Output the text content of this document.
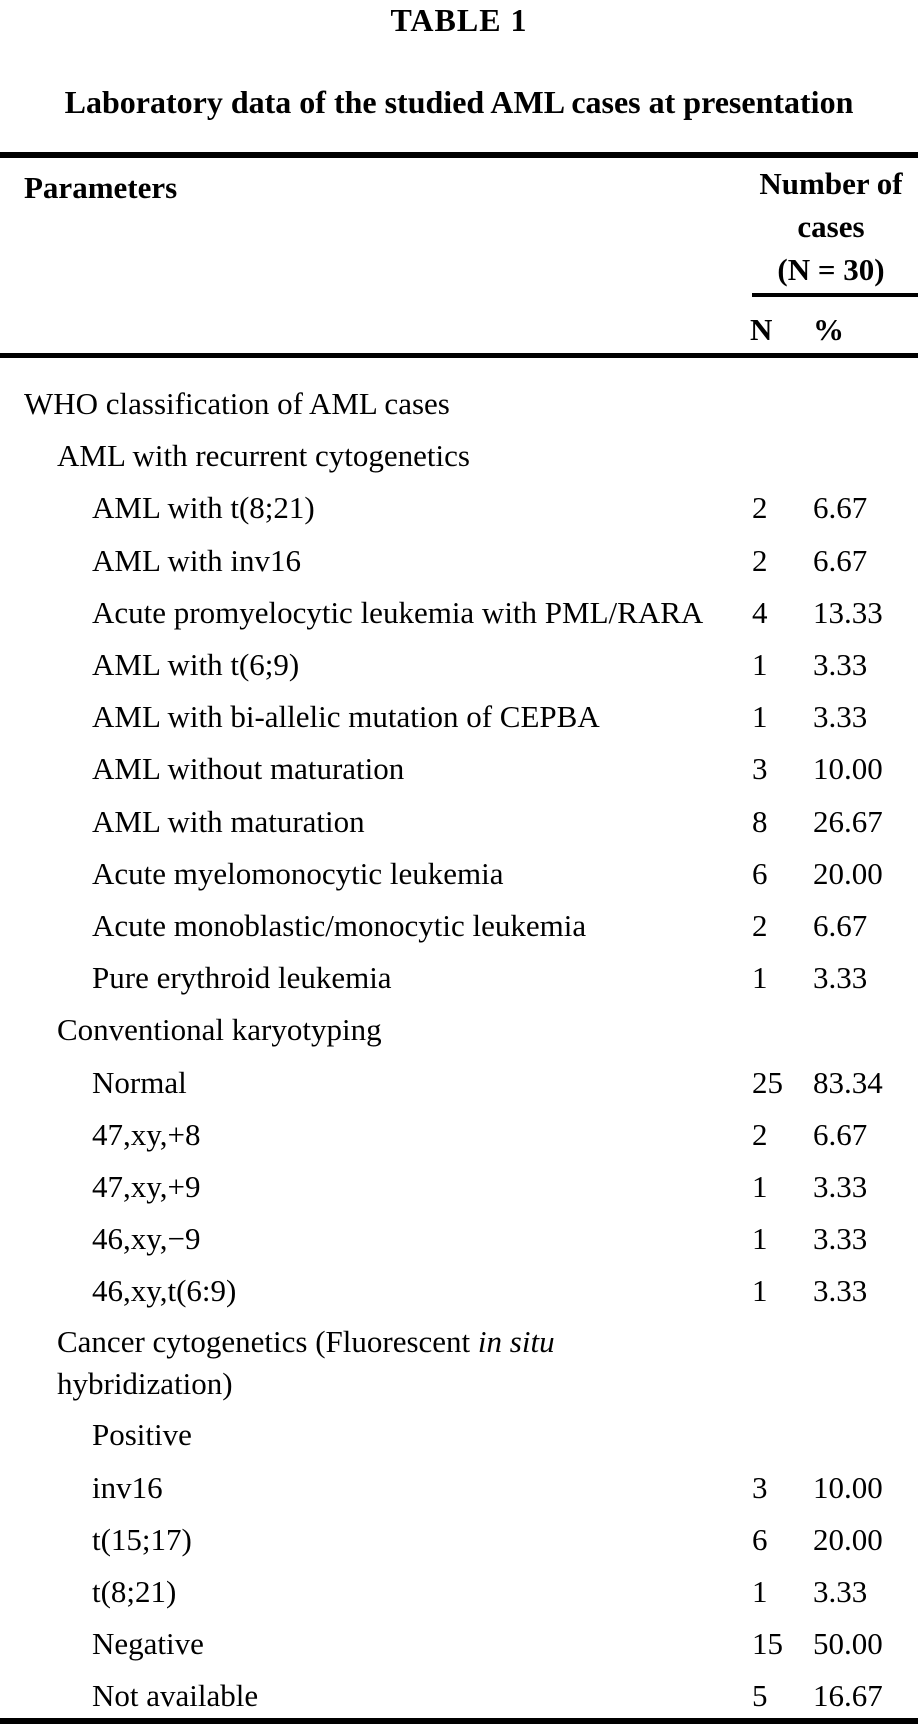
TABLE 1
Laboratory data of the studied AML cases at presentation
Parameters	Number of
cases
(N = 30)
N %
WHO classification of AML cases
AML with recurrent cytogenetics
AML with t(8;21)	2 6.67
AML with inv16	2 6.67
Acute promyelocytic leukemia with PML/RARA 4 13.33
AML with t(6;9)	1 3.33
AML with bi-allelic mutation of CEPBA	1 3.33
AML without maturation	3 10.00
AML with maturation	8 26.67
Acute myelomonocytic leukemia	6 20.00
Acute monoblastic/monocytic leukemia	2 6.67
Pure erythroid leukemia	1 3.33
Conventional karyotyping
Normal	25 83.34
47,xy,+8	2 6.67
47,xy,+9	1 3.33
46,xy,−9	1 3.33
46,xy,t(6:9)	1 3.33
Cancer cytogenetics (Fluorescent in situ
hybridization)
Positive
inv16	3 10.00
t(15;17)	6 20.00
t(8;21)	1 3.33
Negative	15 50.00
Not available	5 16.67
